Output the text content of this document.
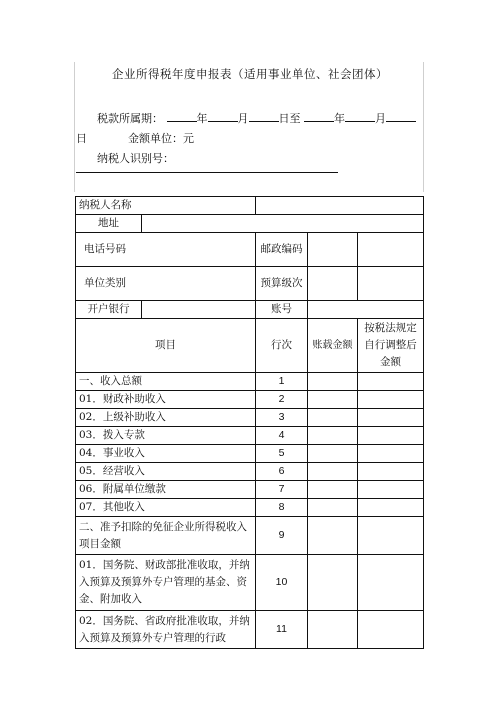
企业所得税年度申报表（适用事业单位、社会团体）
税款所属期：	年	月	日至	年	月
日	金额单位：元
纳税人识别号：
纳税人名称				
地址				
电话号码		邮政编码		
单位类别		预算级次		
开户银行		账号		
项目		行次	账载金额	按税法规定自行调整后金额
一、收入总额		1		
01．财政补助收入		2		
02．上级补助收入		3		
03．拨入专款		4		
04．事业收入		5		
05．经营收入		6		
06．附属单位缴款		7		
07．其他收入		8		
二、准予扣除的免征企业所得税收入项目金额		9		
01．国务院、财政部批准收取，并纳入预算及预算外专户管理的基金、资金、附加收入		10		
02．国务院、省政府批准收取，并纳入预算及预算外专户管理的行政		11		
